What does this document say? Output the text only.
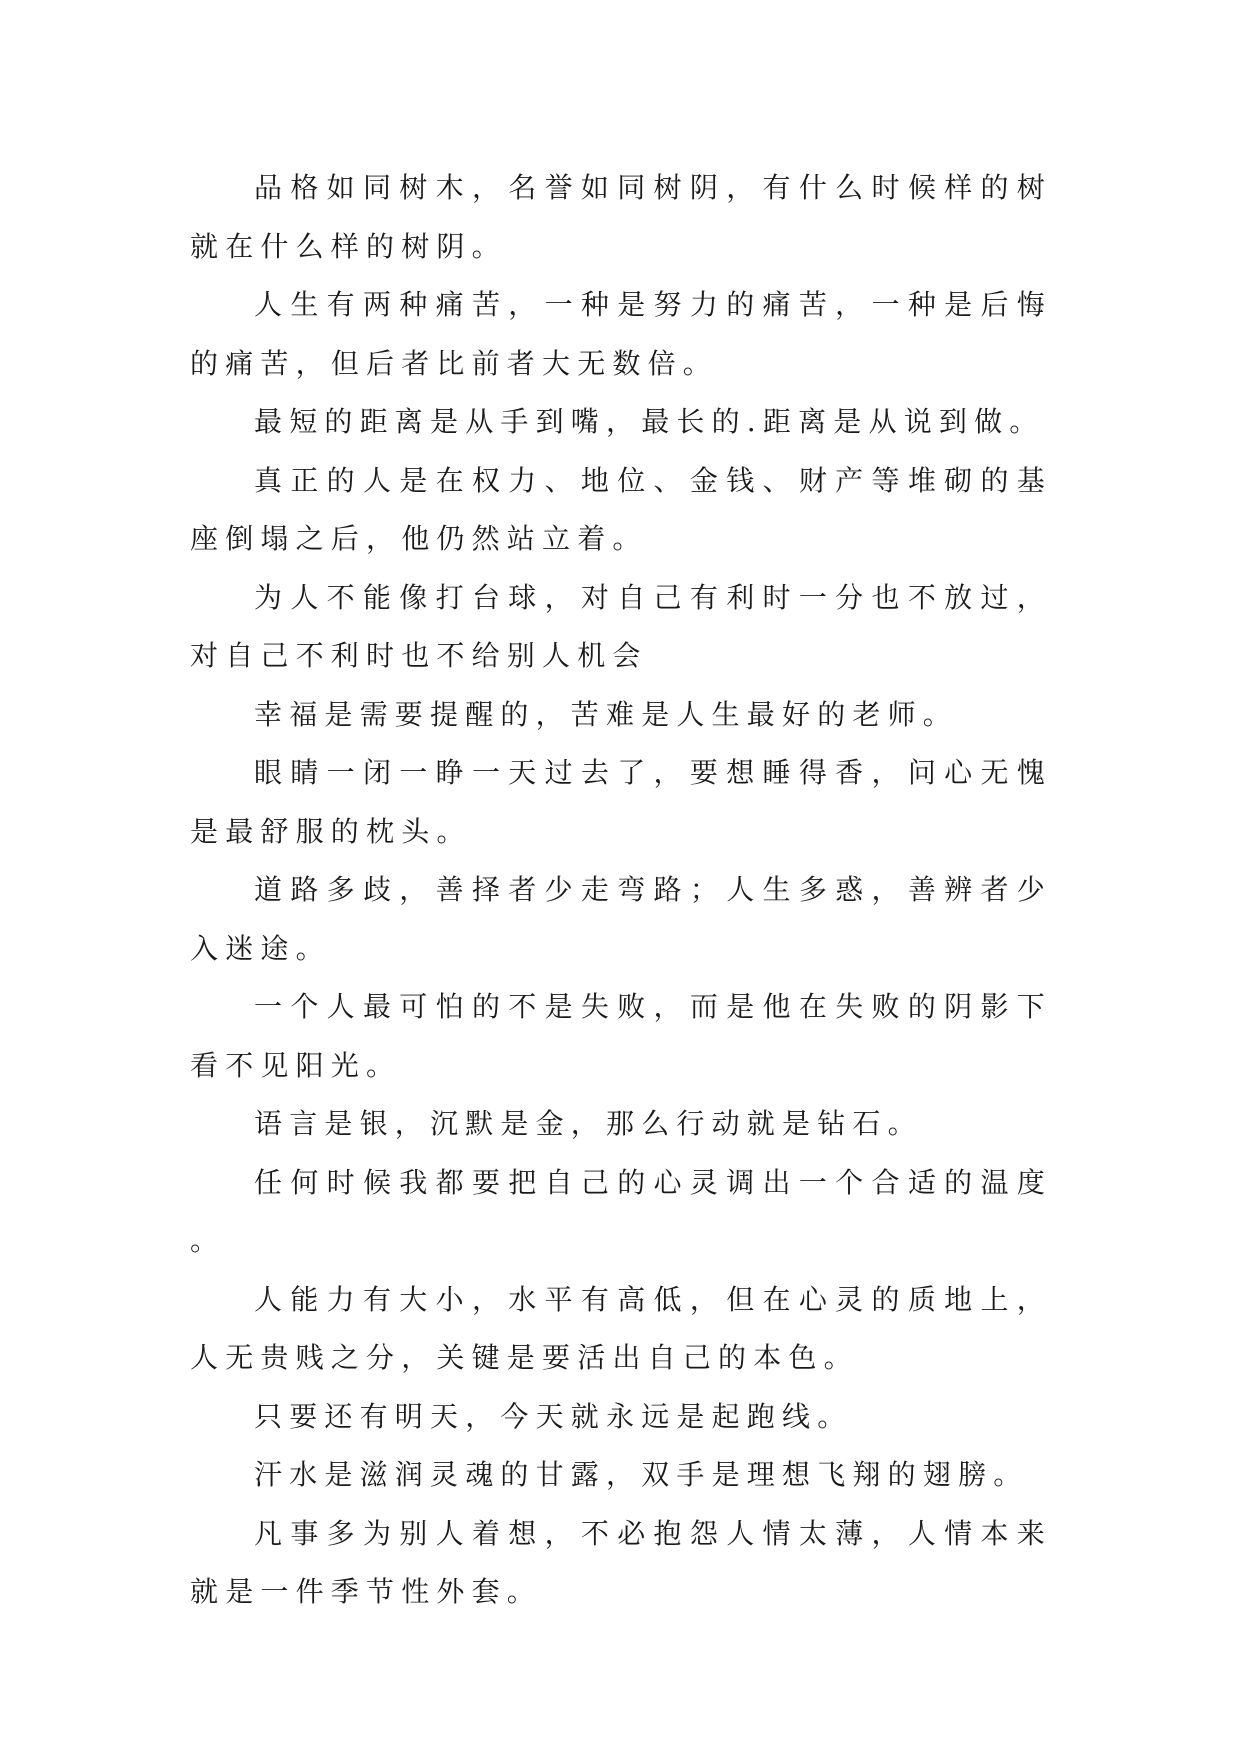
品格如同树木，名誉如同树阴，有什么时候样的树就在什么样的树阴。

人生有两种痛苦，一种是努力的痛苦，一种是后悔的痛苦，但后者比前者大无数倍。

最短的距离是从手到嘴，最长的.距离是从说到做。

真正的人是在权力、地位、金钱、财产等堆砌的基座倒塌之后，他仍然站立着。

为人不能像打台球，对自己有利时一分也不放过，对自己不利时也不给别人机会

幸福是需要提醒的，苦难是人生最好的老师。

眼睛一闭一睁一天过去了，要想睡得香，问心无愧是最舒服的枕头。

道路多歧，善择者少走弯路；人生多惑，善辨者少入迷途。

一个人最可怕的不是失败，而是他在失败的阴影下看不见阳光。

语言是银，沉默是金，那么行动就是钻石。

任何时候我都要把自己的心灵调出一个合适的温度。

人能力有大小，水平有高低，但在心灵的质地上，人无贵贱之分，关键是要活出自己的本色。

只要还有明天，今天就永远是起跑线。

汗水是滋润灵魂的甘露，双手是理想飞翔的翅膀。

凡事多为别人着想，不必抱怨人情太薄，人情本来就是一件季节性外套。
